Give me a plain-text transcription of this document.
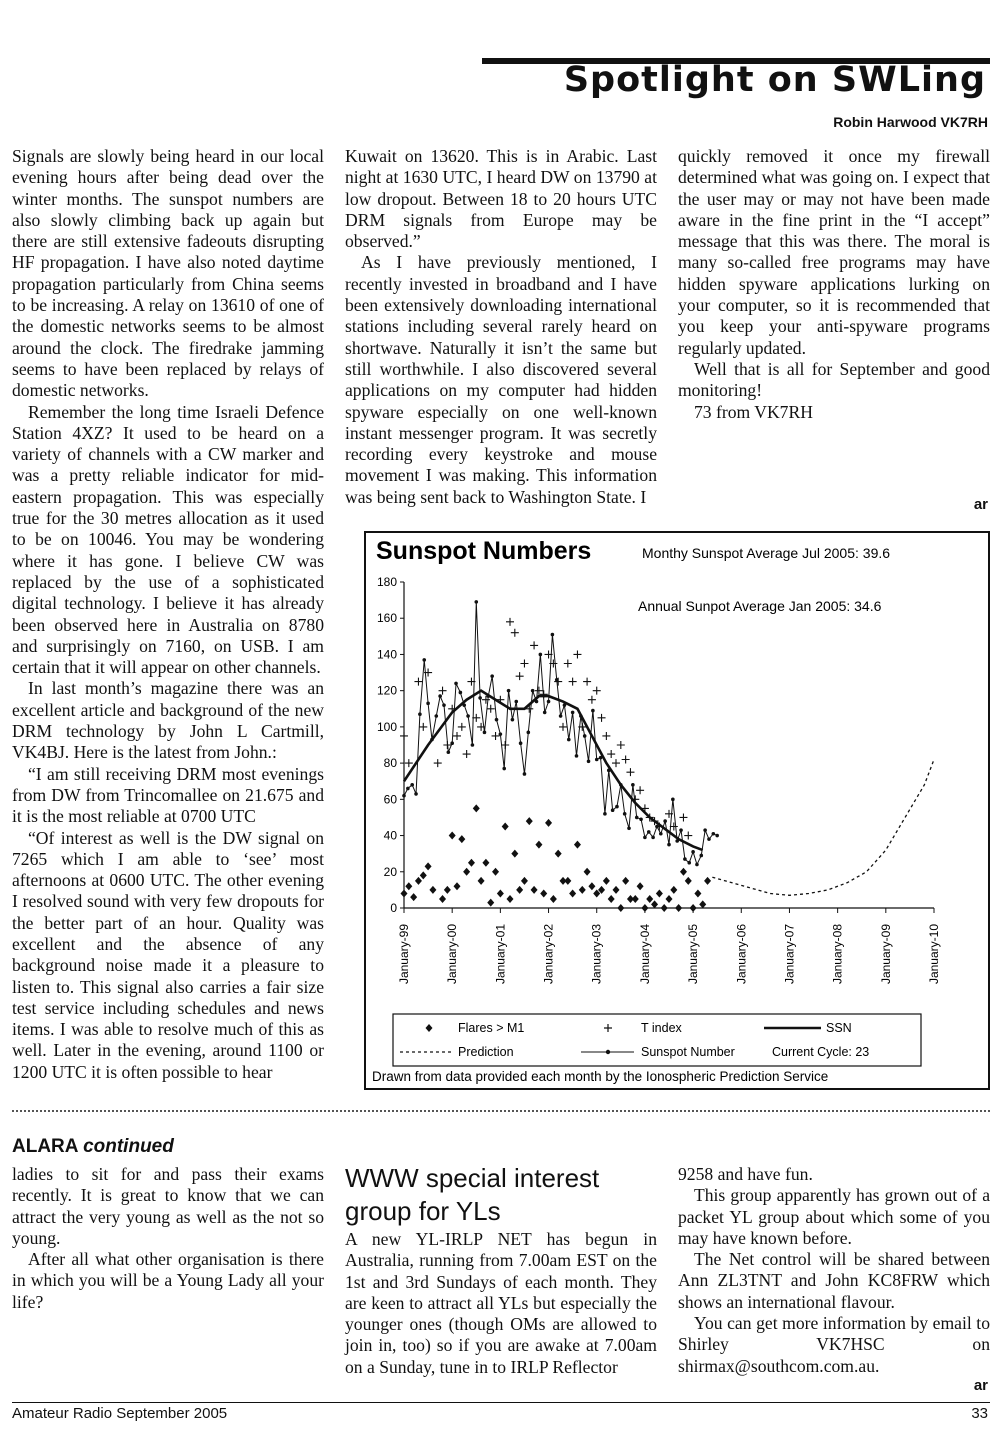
Spotlight on SWLing
Robin Harwood VK7RH

Signals are slowly being heard in our local evening hours after being dead over the winter months. The sunspot numbers are also slowly climbing back up again but there are still extensive fadeouts disrupting HF propagation. I have also noted daytime propagation particularly from China seems to be increasing. A relay on 13610 of one of the domestic networks seems to be almost around the clock. The firedrake jamming seems to have been replaced by relays of domestic networks.

Remember the long time Israeli Defence Station 4XZ? It used to be heard on a variety of channels with a CW marker and was a pretty reliable indicator for mid-eastern propagation. This was especially true for the 30 metres allocation as it used to be on 10046. You may be wondering where it has gone. I believe CW was replaced by the use of a sophisticated digital technology. I believe it has already been observed here in Australia on 8780 and surprisingly on 7160, on USB. I am certain that it will appear on other channels.

In last month’s magazine there was an excellent article and background of the new DRM technology by John L Cartmill, VK4BJ. Here is the latest from John.:

“I am still receiving DRM most evenings from DW from Trincomallee on 21.675 and it is the most reliable at 0700 UTC

“Of interest as well is the DW signal on 7265 which I am able to ‘see’ most afternoons at 0600 UTC. The other evening I resolved sound with very few dropouts for the better part of an hour. Quality was excellent and the absence of any background noise made it a pleasure to listen to. This signal also carries a fair size test service including schedules and news items. I was able to resolve much of this as well. Later in the evening, around 1100 or 1200 UTC it is often possible to hear

Kuwait on 13620. This is in Arabic. Last night at 1630 UTC, I heard DW on 13790 at low dropout. Between 18 to 20 hours UTC DRM signals from Europe may be observed.”

As I have previously mentioned, I recently invested in broadband and I have been extensively downloading international stations including several rarely heard on shortwave. Naturally it isn’t the same but still worthwhile. I also discovered several applications on my computer had hidden spyware especially on one well-known instant messenger program. It was secretly recording every keystroke and mouse movement I was making. This information was being sent back to Washington State. I

quickly removed it once my firewall determined what was going on. I expect that the user may or may not have been made aware in the fine print in the “I accept” message that this was there. The moral is many so-called free programs may have hidden spyware applications lurking on your computer, so it is recommended that you keep your anti-spyware programs regularly updated.

Well that is all for September and good monitoring!

73 from VK7RH

ar
Sunspot Numbers	Monthy Sunspot Average Jul 2005: 39.6
Annual Sunpot Average Jan 2005: 34.6
0
20
40
60
80
100
120
140
160
180
January-99	January-00	January-01	January-02	January-03	January-04	January-05	January-06	January-07	January-08	January-09	January-10
Flares > M1	T index	SSN
Prediction	Sunspot Number	Current Cycle: 23
Drawn from data provided each month by the Ionospheric Prediction Service
ALARA continued

ladies to sit for and pass their exams recently. It is great to know that we can attract the very young as well as the not so young.

After all what other organisation is there in which you will be a Young Lady all your life?

WWW special interest group for YLs

A new YL-IRLP NET has begun in Australia, running from 7.00am EST on the 1st and 3rd Sundays of each month. They are keen to attract all YLs but especially the younger ones (though OMs are allowed to join in, too) so if you are awake at 7.00am on a Sunday, tune in to IRLP Reflector

9258 and have fun.

This group apparently has grown out of a packet YL group about which some of you may have known before.

The Net control will be shared between Ann ZL3TNT and John KC8FRW which shows an international flavour.

You can get more information by email to Shirley VK7HSC on shirmax@southcom.com.au.

ar
Amateur Radio September 2005	33
